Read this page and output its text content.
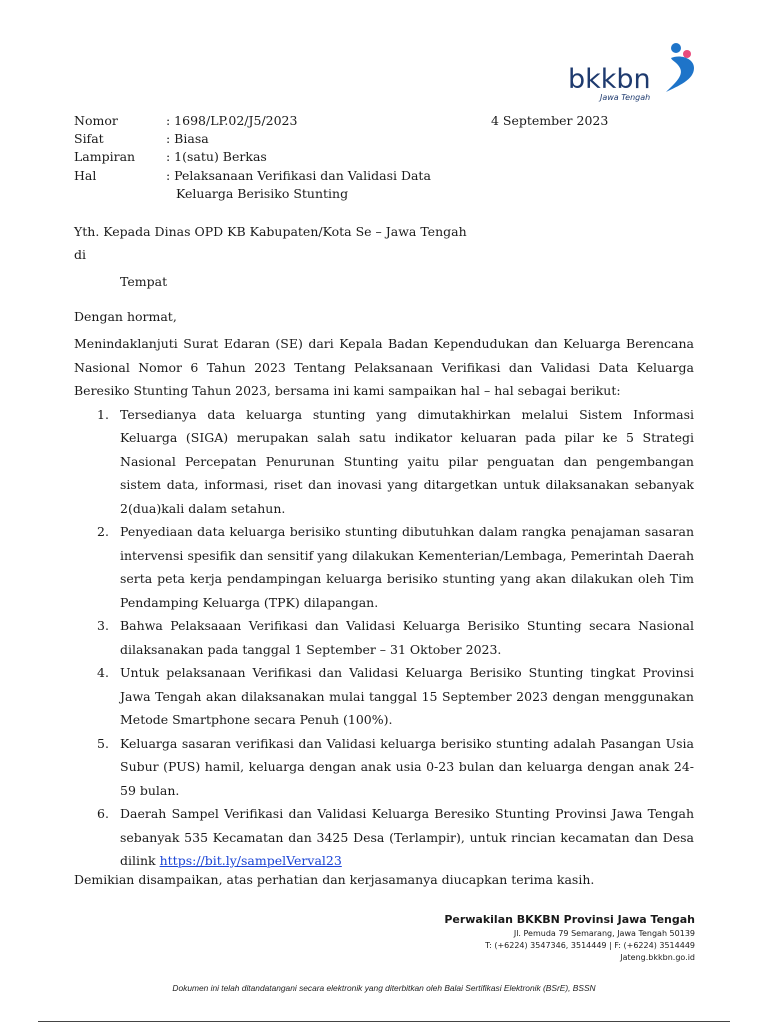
bkkbn
Jawa Tengah
Nomor	: 1698/LP.02/J5/2023
Sifat	: Biasa
Lampiran	: 1(satu) Berkas
Hal	: Pelaksanaan Verifikasi dan Validasi Data
Keluarga Berisiko Stunting
4 September 2023
Yth. Kepada Dinas OPD KB Kabupaten/Kota Se – Jawa Tengah
di
Tempat
Dengan hormat,

Menindaklanjuti Surat Edaran (SE) dari Kepala Badan Kependudukan dan Keluarga Berencana Nasional Nomor 6 Tahun 2023 Tentang Pelaksanaan Verifikasi dan Validasi Data Keluarga Beresiko Stunting Tahun 2023, bersama ini kami sampaikan hal – hal sebagai berikut:

1. Tersedianya data keluarga stunting yang dimutakhirkan melalui Sistem Informasi Keluarga (SIGA) merupakan salah satu indikator keluaran pada pilar ke 5 Strategi Nasional Percepatan Penurunan Stunting yaitu pilar penguatan dan pengembangan sistem data, informasi, riset dan inovasi yang ditargetkan untuk dilaksanakan sebanyak 2(dua)kali dalam setahun.
2. Penyediaan data keluarga berisiko stunting dibutuhkan dalam rangka penajaman sasaran intervensi spesifik dan sensitif yang dilakukan Kementerian/Lembaga, Pemerintah Daerah serta peta kerja pendampingan keluarga berisiko stunting yang akan dilakukan oleh Tim Pendamping Keluarga (TPK) dilapangan.
3. Bahwa Pelaksaaan Verifikasi dan Validasi Keluarga Berisiko Stunting secara Nasional dilaksanakan pada tanggal 1 September – 31 Oktober 2023.
4. Untuk pelaksanaan Verifikasi dan Validasi Keluarga Berisiko Stunting tingkat Provinsi Jawa Tengah akan dilaksanakan mulai tanggal 15 September 2023 dengan menggunakan Metode Smartphone secara Penuh (100%).
5. Keluarga sasaran verifikasi dan Validasi keluarga berisiko stunting adalah Pasangan Usia Subur (PUS) hamil, keluarga dengan anak usia 0-23 bulan dan keluarga dengan anak 24-59 bulan.
6. Daerah Sampel Verifikasi dan Validasi Keluarga Beresiko Stunting Provinsi Jawa Tengah sebanyak 535 Kecamatan dan 3425 Desa (Terlampir), untuk rincian kecamatan dan Desa dilink https://bit.ly/sampelVerval23
Demikian disampaikan, atas perhatian dan kerjasamanya diucapkan terima kasih.
Perwakilan BKKBN Provinsi Jawa Tengah
Jl. Pemuda 79 Semarang, Jawa Tengah 50139
T: (+6224) 3547346, 3514449 | F: (+6224) 3514449
Jateng.bkkbn.go.id
Dokumen ini telah ditandatangani secara elektronik yang diterbitkan oleh Balai Sertifikasi Elektronik (BSrE), BSSN
